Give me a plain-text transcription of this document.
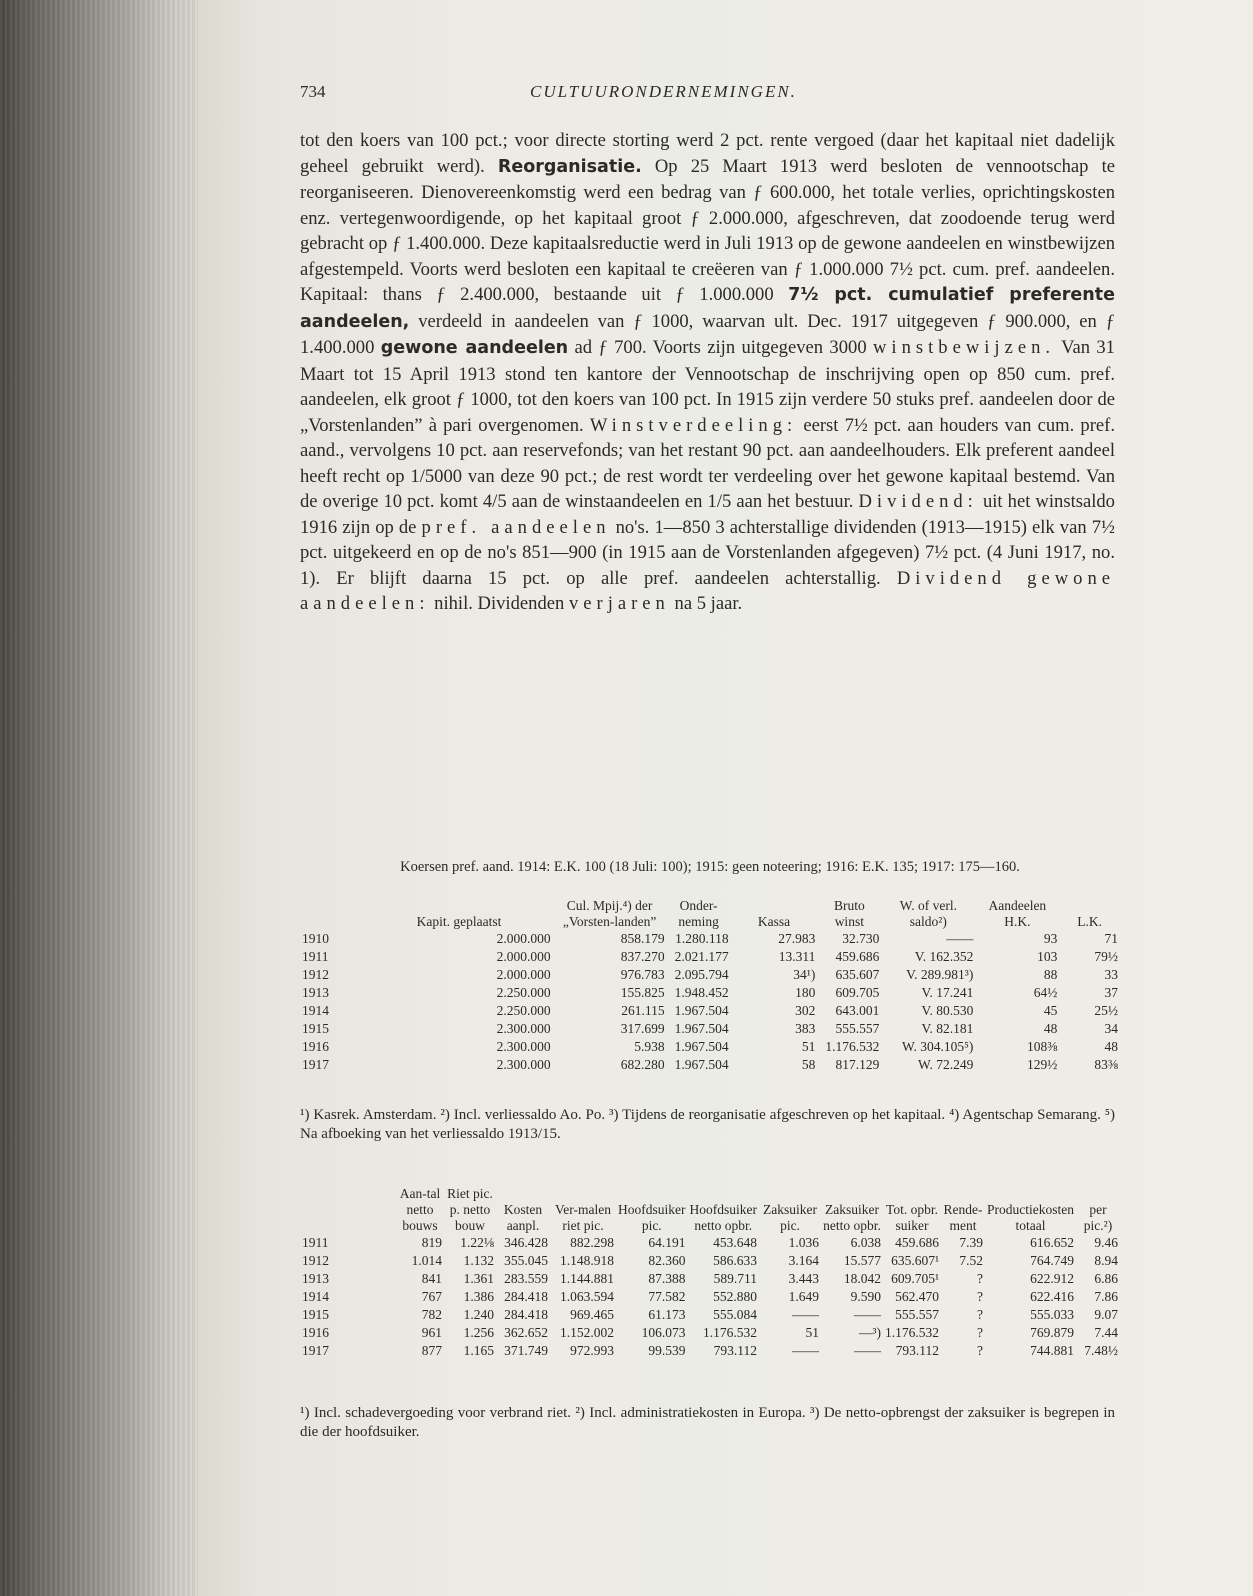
734	CULTUURONDERNEMINGEN.

tot den koers van 100 pct.; voor directe storting werd 2 pct. rente vergoed (daar het kapitaal niet dadelijk geheel gebruikt werd). Reorganisatie. Op 25 Maart 1913 werd besloten de vennootschap te reorganiseeren. Dienovereenkomstig werd een bedrag van ƒ 600.000, het totale verlies, oprichtingskosten enz. vertegenwoordigende, op het kapitaal groot ƒ 2.000.000, afgeschreven, dat zoodoende terug werd gebracht op ƒ 1.400.000. Deze kapitaalsreductie werd in Juli 1913 op de gewone aandeelen en winstbewijzen afgestempeld. Voorts werd besloten een kapitaal te creëeren van ƒ 1.000.000 7½ pct. cum. pref. aandeelen. Kapitaal: thans ƒ 2.400.000, bestaande uit ƒ 1.000.000 7½ pct. cumulatief preferente aandeelen, verdeeld in aandeelen van ƒ 1000, waarvan ult. Dec. 1917 uitgegeven ƒ 900.000, en ƒ 1.400.000 gewone aandeelen ad ƒ 700. Voorts zijn uitgegeven 3000 winstbewijzen. Van 31 Maart tot 15 April 1913 stond ten kantore der Vennootschap de inschrijving open op 850 cum. pref. aandeelen, elk groot ƒ 1000, tot den koers van 100 pct. In 1915 zijn verdere 50 stuks pref. aandeelen door de „Vorstenlanden” à pari overgenomen. Winstverdeeling: eerst 7½ pct. aan houders van cum. pref. aand., vervolgens 10 pct. aan reservefonds; van het restant 90 pct. aan aandeelhouders. Elk preferent aandeel heeft recht op 1/5000 van deze 90 pct.; de rest wordt ter verdeeling over het gewone kapitaal bestemd. Van de overige 10 pct. komt 4/5 aan de winstaandeelen en 1/5 aan het bestuur. Dividend: uit het winstsaldo 1916 zijn op de pref. aandeelen no's. 1—850 3 achterstallige dividenden (1913—1915) elk van 7½ pct. uitgekeerd en op de no's 851—900 (in 1915 aan de Vorstenlanden afgegeven) 7½ pct. (4 Juni 1917, no. 1). Er blijft daarna 15 pct. op alle pref. aandeelen achterstallig. Dividend gewone aandeelen: nihil. Dividenden verjaren na 5 jaar.

Koersen pref. aand. 1914: E.K. 100 (18 Juli: 100); 1915: geen noteering; 1916: E.K. 135; 1917: 175—160.
	Kapit. geplaatst	Cul. Mpij.⁴) der „Vorsten-landen”	Onder-neming	Kassa	Bruto winst	W. of verl. saldo²)	Aandeelen H.K.	L.K.
1910	2.000.000	858.179	1.280.118	27.983	32.730	——	93	71
1911	2.000.000	837.270	2.021.177	13.311	459.686	V. 162.352	103	79½
1912	2.000.000	976.783	2.095.794	34¹)	635.607	V. 289.981³)	88	33
1913	2.250.000	155.825	1.948.452	180	609.705	V. 17.241	64½	37
1914	2.250.000	261.115	1.967.504	302	643.001	V. 80.530	45	25½
1915	2.300.000	317.699	1.967.504	383	555.557	V. 82.181	48	34
1916	2.300.000	5.938	1.967.504	51	1.176.532	W. 304.105⁵)	108⅜	48
1917	2.300.000	682.280	1.967.504	58	817.129	W. 72.249	129½	83⅜

¹) Kasrek. Amsterdam. ²) Incl. verliessaldo Ao. Po. ³) Tijdens de reorganisatie afgeschreven op het kapitaal. ⁴) Agentschap Semarang. ⁵) Na afboeking van het verliessaldo 1913/15.

	Aan-tal netto bouws	Riet pic. p. netto bouw	Kosten aanpl.	Ver-malen riet pic.	Hoofdsuiker pic.	Hoofdsuiker netto opbr.	Zaksuiker pic.	Zaksuiker netto opbr.	Tot. opbr. suiker	Rende-ment	Productiekosten totaal	per pic.²)
1911	819	1.22⅛	346.428	882.298	64.191	453.648	1.036	6.038	459.686	7.39	616.652	9.46
1912	1.014	1.132	355.045	1.148.918	82.360	586.633	3.164	15.577	635.607¹	7.52	764.749	8.94
1913	841	1.361	283.559	1.144.881	87.388	589.711	3.443	18.042	609.705¹	?	622.912	6.86
1914	767	1.386	284.418	1.063.594	77.582	552.880	1.649	9.590	562.470	?	622.416	7.86
1915	782	1.240	284.418	969.465	61.173	555.084	——	——	555.557	?	555.033	9.07
1916	961	1.256	362.652	1.152.002	106.073	1.176.532	51	—³)	1.176.532	?	769.879	7.44
1917	877	1.165	371.749	972.993	99.539	793.112	——	——	793.112	?	744.881	7.48½

¹) Incl. schadevergoeding voor verbrand riet. ²) Incl. administratiekosten in Europa. ³) De netto-opbrengst der zaksuiker is begrepen in die der hoofdsuiker.
